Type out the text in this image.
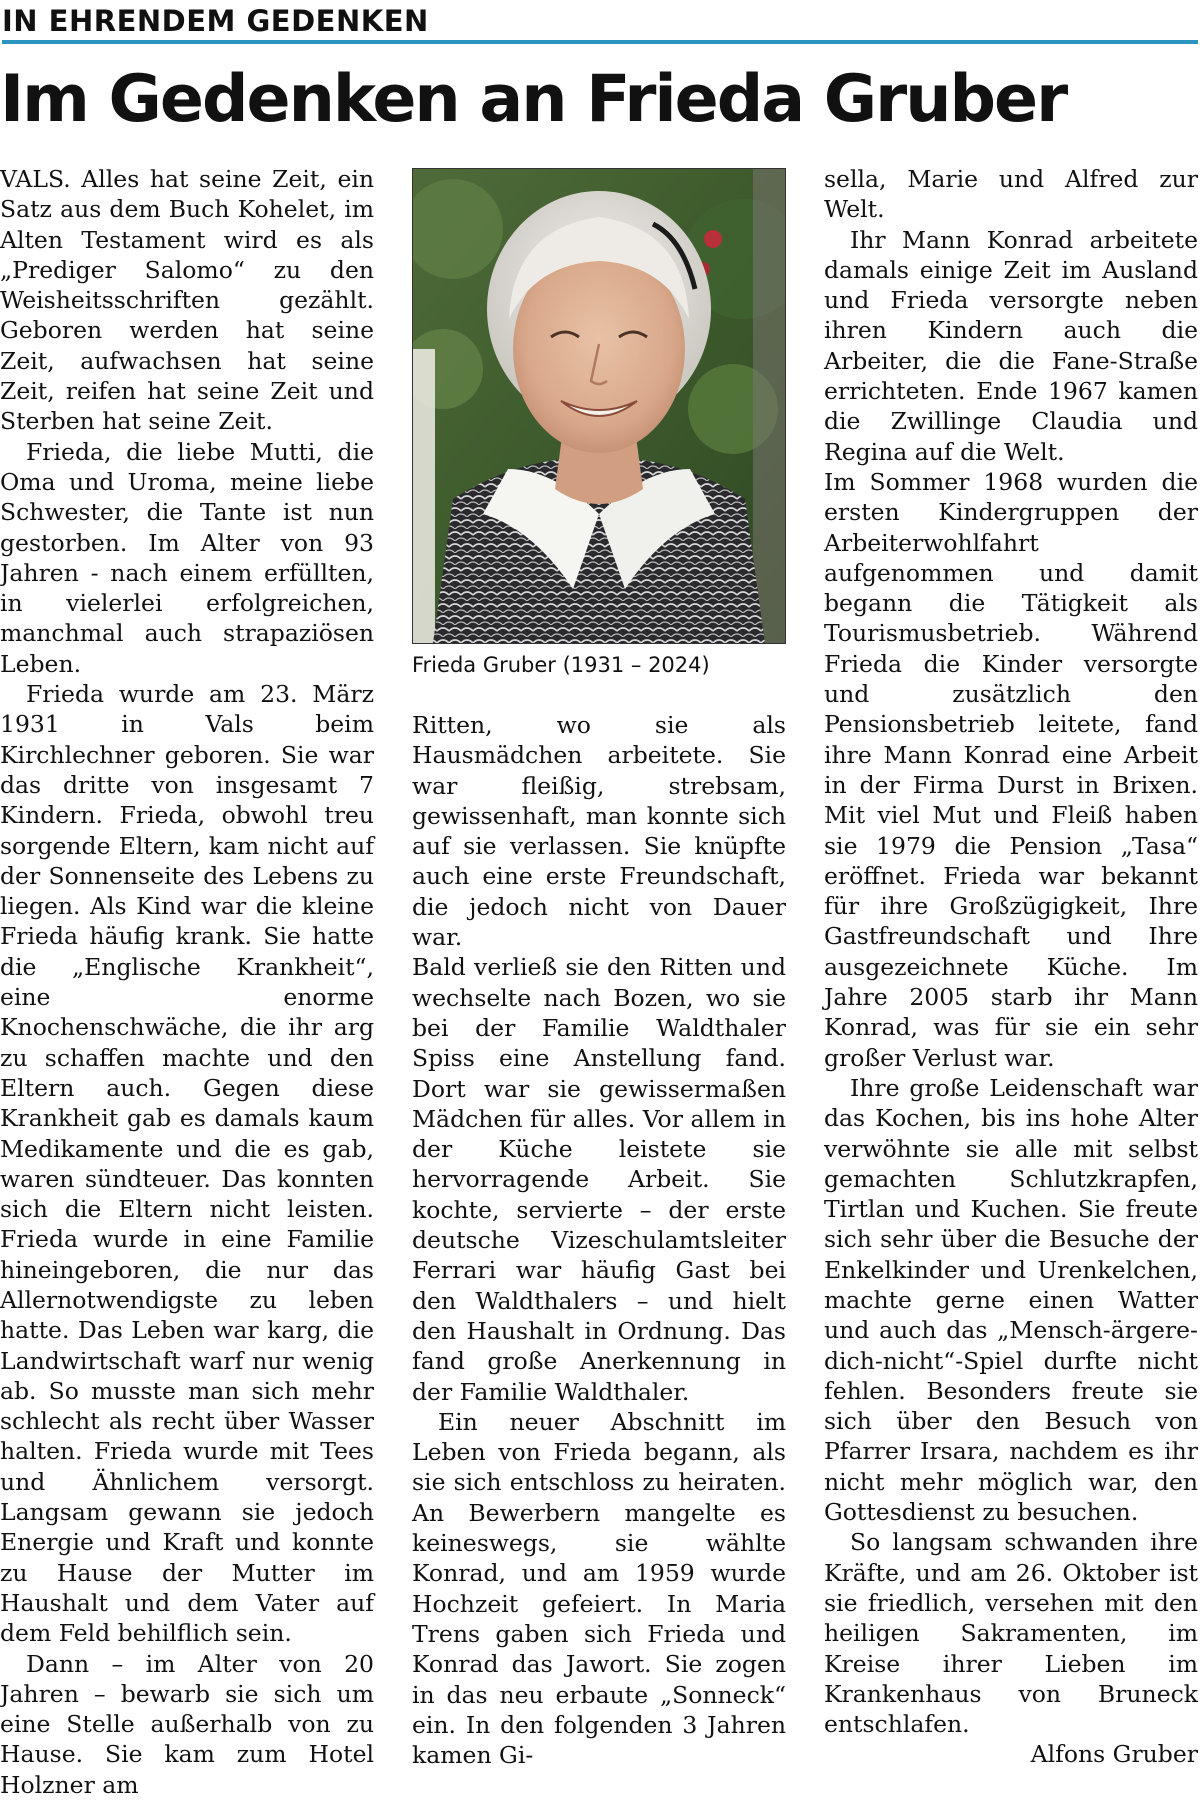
IN EHRENDEM GEDENKEN
Im Gedenken an Frieda Gruber

VALS. Alles hat seine Zeit, ein Satz aus dem Buch Kohelet, im Alten Testament wird es als „Prediger Salomo“ zu den Weisheitsschriften gezählt. Geboren werden hat seine Zeit, aufwachsen hat seine Zeit, reifen hat seine Zeit und Sterben hat seine Zeit.

Frieda, die liebe Mutti, die Oma und Uroma, meine liebe Schwester, die Tante ist nun gestorben. Im Alter von 93 Jahren - nach einem erfüllten, in vielerlei erfolgreichen, manchmal auch strapaziösen Leben.

Frieda wurde am 23. März 1931 in Vals beim Kirchlechner geboren. Sie war das dritte von insgesamt 7 Kindern. Frieda, obwohl treu sorgende Eltern, kam nicht auf der Sonnenseite des Lebens zu liegen. Als Kind war die kleine Frieda häufig krank. Sie hatte die „Englische Krankheit“, eine enorme Knochenschwäche, die ihr arg zu schaffen machte und den Eltern auch. Gegen diese Krankheit gab es damals kaum Medikamente und die es gab, waren sündteuer. Das konnten sich die Eltern nicht leisten. Frieda wurde in eine Familie hineingeboren, die nur das Allernotwendigste zu leben hatte. Das Leben war karg, die Landwirtschaft warf nur wenig ab. So musste man sich mehr schlecht als recht über Wasser halten. Frieda wurde mit Tees und Ähnlichem versorgt. Langsam gewann sie jedoch Energie und Kraft und konnte zu Hause der Mutter im Haushalt und dem Vater auf dem Feld behilflich sein.

Dann – im Alter von 20 Jahren – bewarb sie sich um eine Stelle außerhalb von zu Hause. Sie kam zum Hotel Holzner am

Frieda Gruber (1931 – 2024)

Ritten, wo sie als Hausmädchen arbeitete. Sie war fleißig, strebsam, gewissenhaft, man konnte sich auf sie verlassen. Sie knüpfte auch eine erste Freundschaft, die jedoch nicht von Dauer war.

Bald verließ sie den Ritten und wechselte nach Bozen, wo sie bei der Familie Waldthaler Spiss eine Anstellung fand. Dort war sie gewissermaßen Mädchen für alles. Vor allem in der Küche leistete sie hervorragende Arbeit. Sie kochte, servierte – der erste deutsche Vizeschulamtsleiter Ferrari war häufig Gast bei den Waldthalers – und hielt den Haushalt in Ordnung. Das fand große Anerkennung in der Familie Waldthaler.

Ein neuer Abschnitt im Leben von Frieda begann, als sie sich entschloss zu heiraten. An Bewerbern mangelte es keineswegs, sie wählte Konrad, und am 1959 wurde Hochzeit gefeiert. In Maria Trens gaben sich Frieda und Konrad das Jawort. Sie zogen in das neu erbaute „Sonneck“ ein. In den folgenden 3 Jahren kamen Gi-

sella, Marie und Alfred zur Welt.

Ihr Mann Konrad arbeitete damals einige Zeit im Ausland und Frieda versorgte neben ihren Kindern auch die Arbeiter, die die Fane-Straße errichteten. Ende 1967 kamen die Zwillinge Claudia und Regina auf die Welt.

Im Sommer 1968 wurden die ersten Kindergruppen der Arbeiterwohlfahrt aufgenommen und damit begann die Tätigkeit als Tourismusbetrieb. Während Frieda die Kinder versorgte und zusätzlich den Pensionsbetrieb leitete, fand ihre Mann Konrad eine Arbeit in der Firma Durst in Brixen. Mit viel Mut und Fleiß haben sie 1979 die Pension „Tasa“ eröffnet. Frieda war bekannt für ihre Großzügigkeit, Ihre Gastfreundschaft und Ihre ausgezeichnete Küche. Im Jahre 2005 starb ihr Mann Konrad, was für sie ein sehr großer Verlust war.

Ihre große Leidenschaft war das Kochen, bis ins hohe Alter verwöhnte sie alle mit selbst gemachten Schlutzkrapfen, Tirtlan und Kuchen. Sie freute sich sehr über die Besuche der Enkelkinder und Urenkelchen, machte gerne einen Watter und auch das „Mensch-ärgere-dich-nicht“-Spiel durfte nicht fehlen. Besonders freute sie sich über den Besuch von Pfarrer Irsara, nachdem es ihr nicht mehr möglich war, den Gottesdienst zu besuchen.

So langsam schwanden ihre Kräfte, und am 26. Oktober ist sie friedlich, versehen mit den heiligen Sakramenten, im Kreise ihrer Lieben im Krankenhaus von Bruneck entschlafen.

Alfons Gruber
